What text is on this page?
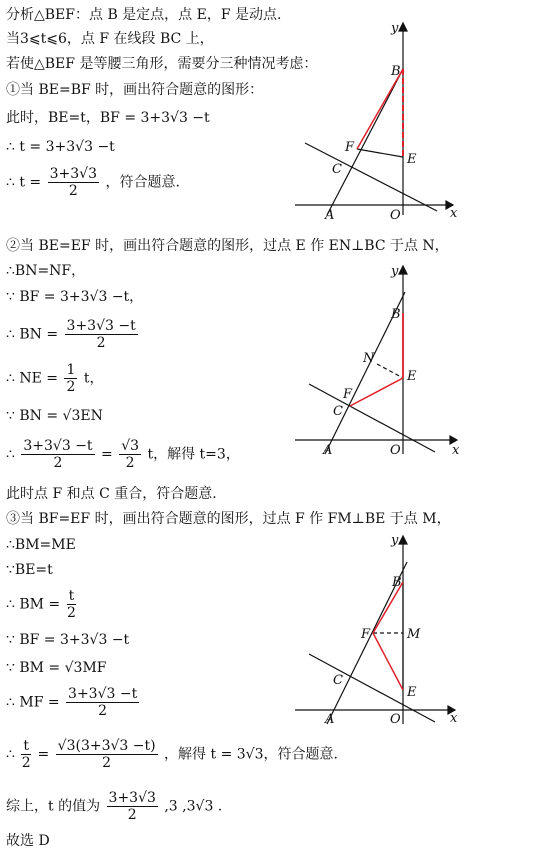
分析△BEF：点 B 是定点，点 E，F 是动点.
当3⩽t⩽6，点 F 在线段 BC 上，
若使△BEF 是等腰三角形，需要分三种情况考虑：
①当 BE=BF 时，画出符合题意的图形：
此时，BE=t，BF = 3+3√3 −t
∴ t = 3+3√3 −t
∴ $t = \frac{3+3√3}{2}$ ，符合题意.
②当 BE=EF 时，画出符合题意的图形，过点 E 作 EN⊥BC 于点 N，
∴BN=NF，
∵ BF = 3+3√3 −t，
∴ BN = $\frac{3+3√3 -t}{2}$
∴ NE = $\frac{1}{2}$ t，
∵ BN = √3EN
∴ $\frac{3+3√3 -t}{2} = \frac{√3}{2}$ t，解得 t=3，
此时点 F 和点 C 重合，符合题意.
③当 BF=EF 时，画出符合题意的图形，过点 F 作 FM⊥BE 于点 M，
∴BM=ME
∵BE=t
∴ BM = $\frac{t}{2}$
∵ BF = 3+3√3 −t
∵ BM = √3MF
∴ MF = $\frac{3+3√3 -t}{2}$
∴ $\frac{t}{2} = \frac{√3(3+3√3 -t)}{2}$ ，解得 t = 3√3，符合题意.
综上，t 的值为 $\frac{3+3√3}{2} ,3$ ,3√3 .
故选 D
y
x
O
A
B
C
F
E
y
x
O
A
B
C
F
N
E
y
x
O
A
B
C
F	M
E
